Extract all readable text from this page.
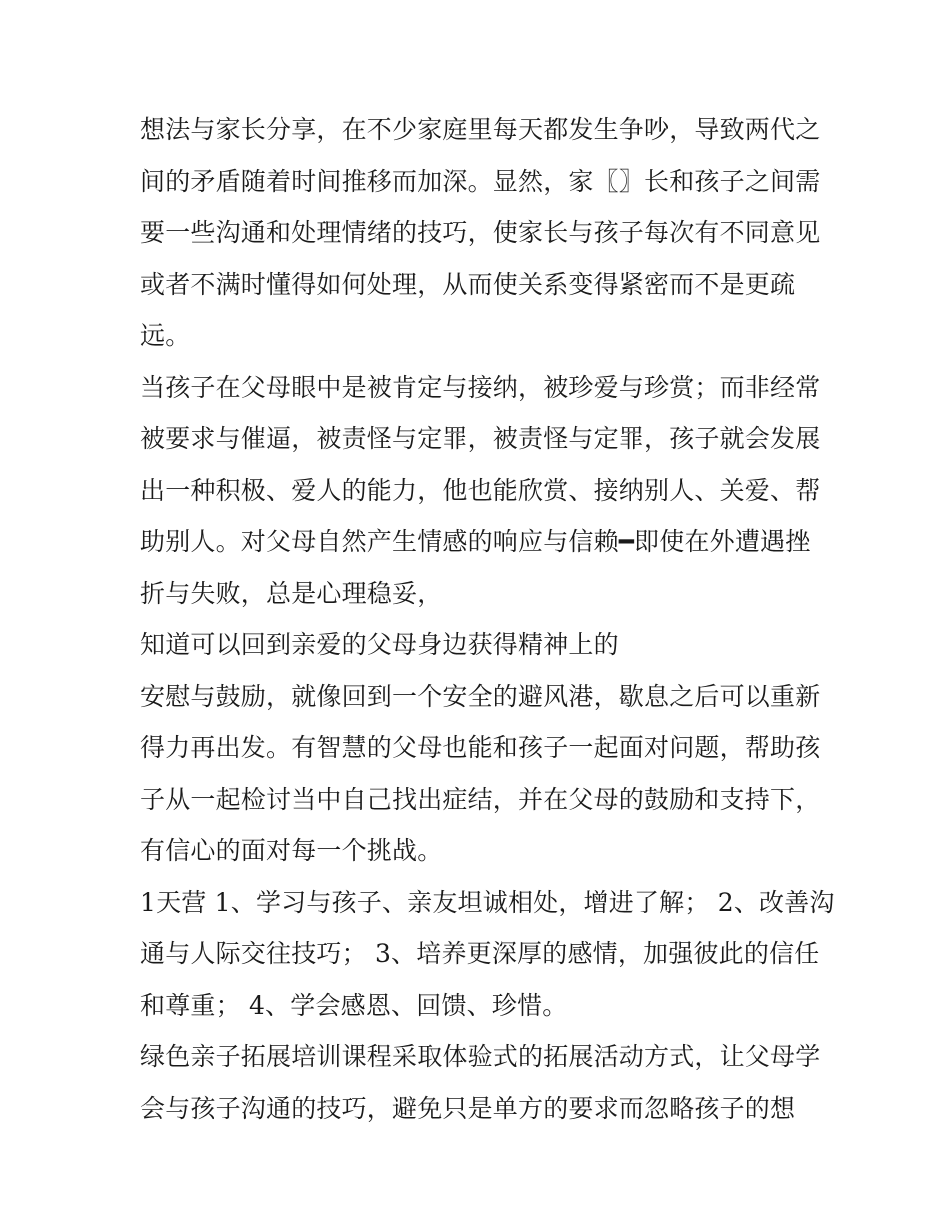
想法与家长分享，在不少家庭里每天都发生争吵，导致两代之
间的矛盾随着时间推移而加深。显然，家〖〗长和孩子之间需
要一些沟通和处理情绪的技巧，使家长与孩子每次有不同意见
或者不满时懂得如何处理，从而使关系变得紧密而不是更疏
远。
当孩子在父母眼中是被肯定与接纳，被珍爱与珍赏；而非经常
被要求与催逼，被责怪与定罪，被责怪与定罪，孩子就会发展
出一种积极、爱人的能力，他也能欣赏、接纳别人、关爱、帮
助别人。对父母自然产生情感的响应与信赖━即使在外遭遇挫
折与失败，总是心理稳妥，
知道可以回到亲爱的父母身边获得精神上的
安慰与鼓励，就像回到一个安全的避风港，歇息之后可以重新
得力再出发。有智慧的父母也能和孩子一起面对问题，帮助孩
子从一起检讨当中自己找出症结，并在父母的鼓励和支持下，
有信心的面对每一个挑战。
1天营 1、学习与孩子、亲友坦诚相处，增进了解； 2、改善沟
通与人际交往技巧； 3、培养更深厚的感情，加强彼此的信任
和尊重； 4、学会感恩、回馈、珍惜。
绿色亲子拓展培训课程采取体验式的拓展活动方式，让父母学
会与孩子沟通的技巧，避免只是单方的要求而忽略孩子的想
